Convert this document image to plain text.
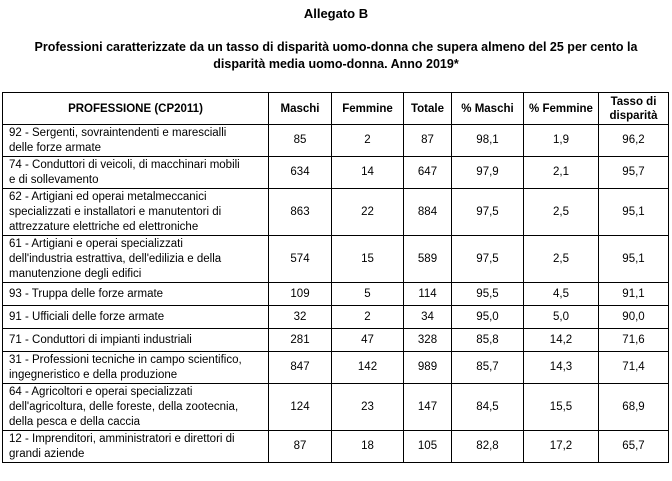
Allegato B
Professioni caratterizzate da un tasso di disparità uomo-donna che supera almeno del 25 per cento la
disparità media uomo-donna. Anno 2019*
PROFESSIONE (CP2011)	Maschi	Femmine	Totale	% Maschi	% Femmine	Tasso di
disparità

92 - Sergenti, sovraintendenti e marescialli
delle forze armate	85	2	87	98,1	1,9	96,2

74 - Conduttori di veicoli, di macchinari mobili
e di sollevamento	634	14	647	97,9	2,1	95,7

62 - Artigiani ed operai metalmeccanici
specializzati e installatori e manutentori di
attrezzature elettriche ed elettroniche	863	22	884	97,5	2,5	95,1

61 - Artigiani e operai specializzati
dell'industria estrattiva, dell'edilizia e della
manutenzione degli edifici	574	15	589	97,5	2,5	95,1

93 - Truppa delle forze armate	109	5	114	95,5	4,5	91,1

91 - Ufficiali delle forze armate	32	2	34	95,0	5,0	90,0

71 - Conduttori di impianti industriali	281	47	328	85,8	14,2	71,6

31 - Professioni tecniche in campo scientifico,
ingegneristico e della produzione	847	142	989	85,7	14,3	71,4

64 - Agricoltori e operai specializzati
dell'agricoltura, delle foreste, della zootecnia,
della pesca e della caccia	124	23	147	84,5	15,5	68,9

12 - Imprenditori, amministratori e direttori di
grandi aziende	87	18	105	82,8	17,2	65,7
